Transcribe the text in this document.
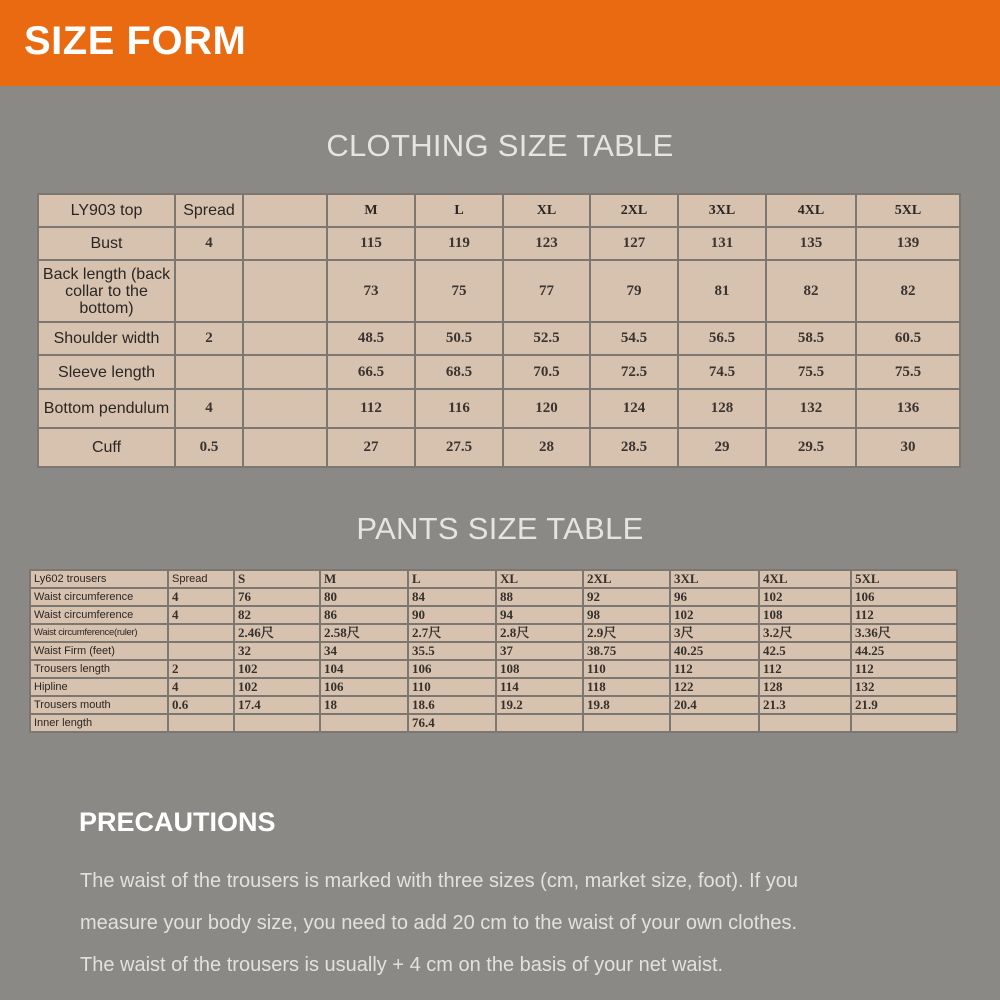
SIZE FORM
CLOTHING SIZE TABLE
LY903 top	Spread		M	L	XL	2XL	3XL	4XL	5XL
Bust	4		115	119	123	127	131	135	139
Back length (back collar to the bottom)			73	75	77	79	81	82	82
Shoulder width	2		48.5	50.5	52.5	54.5	56.5	58.5	60.5
Sleeve length			66.5	68.5	70.5	72.5	74.5	75.5	75.5
Bottom pendulum	4		112	116	120	124	128	132	136
Cuff	0.5		27	27.5	28	28.5	29	29.5	30
PANTS SIZE TABLE
Ly602 trousers	Spread	S	M	L	XL	2XL	3XL	4XL	5XL
Waist circumference	4	76	80	84	88	92	96	102	106
Waist circumference	4	82	86	90	94	98	102	108	112
Waist circumference(ruler)		2.46尺	2.58尺	2.7尺	2.8尺	2.9尺	3尺	3.2尺	3.36尺
Waist Firm (feet)		32	34	35.5	37	38.75	40.25	42.5	44.25
Trousers length	2	102	104	106	108	110	112	112	112
Hipline	4	102	106	110	114	118	122	128	132
Trousers mouth	0.6	17.4	18	18.6	19.2	19.8	20.4	21.3	21.9
Inner length				76.4					
PRECAUTIONS

The waist of the trousers is marked with three sizes (cm, market size, foot). If you

measure your body size, you need to add 20 cm to the waist of your own clothes.

The waist of the trousers is usually + 4 cm on the basis of your net waist.
